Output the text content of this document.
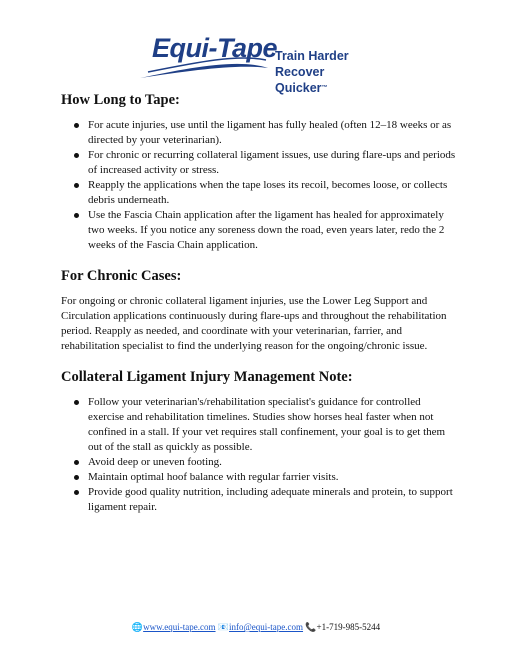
Equi-Tape
Train Harder
Recover Quicker™
How Long to Tape:
For acute injuries, use until the ligament has fully healed (often 12–18 weeks or as directed by your veterinarian).
For chronic or recurring collateral ligament issues, use during flare-ups and periods of increased activity or stress.
Reapply the applications when the tape loses its recoil, becomes loose, or collects debris underneath.
Use the Fascia Chain application after the ligament has healed for approximately two weeks. If you notice any soreness down the road, even years later, redo the 2 weeks of the Fascia Chain application.
For Chronic Cases:

For ongoing or chronic collateral ligament injuries, use the Lower Leg Support and Circulation applications continuously during flare-ups and throughout the rehabilitation period. Reapply as needed, and coordinate with your veterinarian, farrier, and rehabilitation specialist to find the underlying reason for the ongoing/chronic issue.

Collateral Ligament Injury Management Note:
Follow your veterinarian's/rehabilitation specialist's guidance for controlled exercise and rehabilitation timelines. Studies show horses heal faster when not confined in a stall. If your vet requires stall confinement, your goal is to get them out of the stall as quickly as possible.
Avoid deep or uneven footing.
Maintain optimal hoof balance with regular farrier visits.
Provide good quality nutrition, including adequate minerals and protein, to support ligament repair.
🌐www.equi-tape.com 📧info@equi-tape.com 📞+1-719-985-5244
